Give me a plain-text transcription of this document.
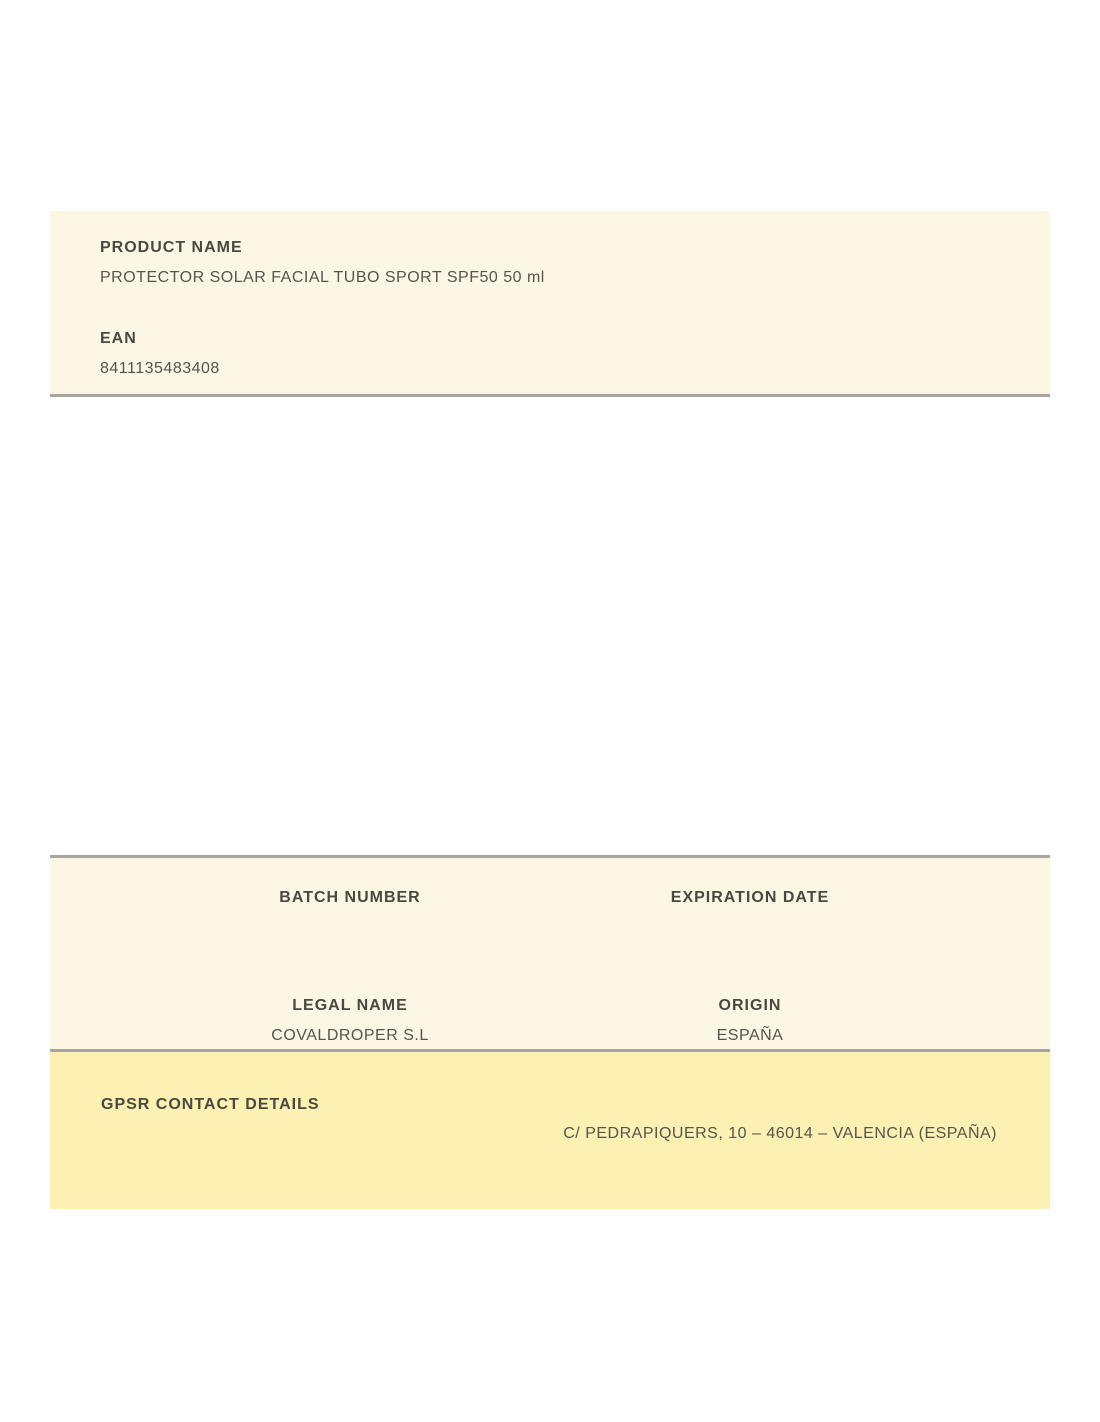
PRODUCT NAME
PROTECTOR SOLAR FACIAL TUBO SPORT SPF50 50 ml
EAN
8411135483408
BATCH NUMBER
LEGAL NAME
COVALDROPER S.L
EXPIRATION DATE
ORIGIN
ESPAÑA
GPSR CONTACT DETAILS
C/ PEDRAPIQUERS, 10 – 46014 – VALENCIA (ESPAÑA)
